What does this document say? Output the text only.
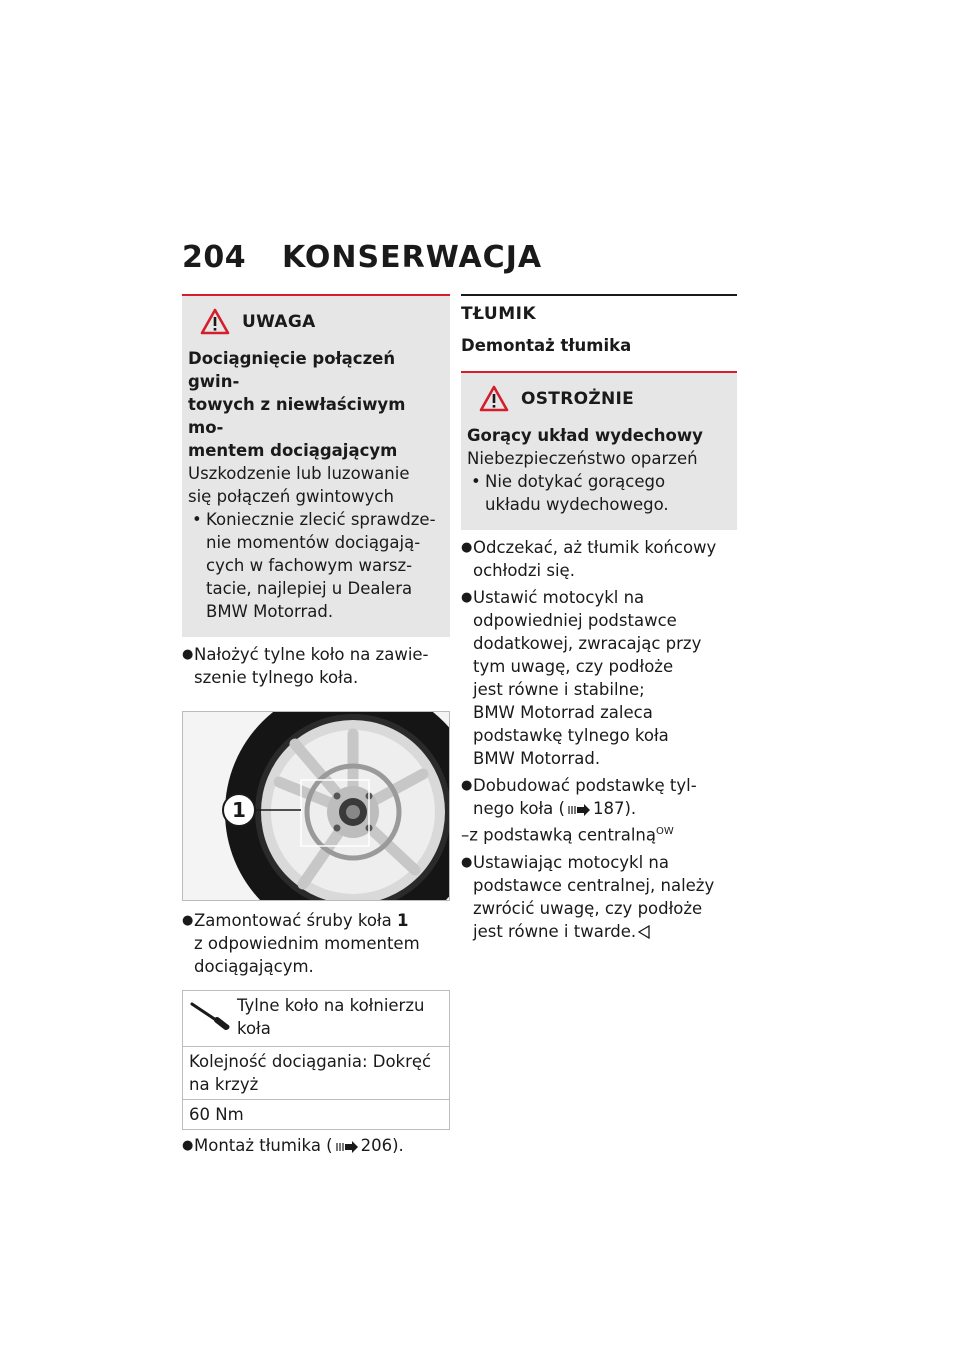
204 KONSERWACJA
UWAGA
Dociągnięcie połączeń gwin-
towych z niewłaściwym mo-
mentem dociągającym
Uszkodzenie lub luzowanie
się połączeń gwintowych
• Koniecznie zlecić sprawdze-
nie momentów dociągają-
cych w fachowym warsz-
tacie, najlepiej u Dealera
BMW Motorrad.
● Nałożyć tylne koło na zawie-
szenie tylnego koła.
1
● Zamontować śruby koła 1
z odpowiednim momentem
dociągającym.
Tylne koło na kołnierzu
koła
Kolejność dociągania: Dokręć
na krzyż
60 Nm
● Montaż tłumika ( 206).
TŁUMIK
Demontaż tłumika
OSTROŻNIE
Gorący układ wydechowy
Niebezpieczeństwo oparzeń
• Nie dotykać gorącego
układu wydechowego.
● Odczekać, aż tłumik końcowy
ochłodzi się.
● Ustawić motocykl na
odpowiedniej podstawce
dodatkowej, zwracając przy
tym uwagę, czy podłoże
jest równe i stabilne;
BMW Motorrad zaleca
podstawkę tylnego koła
BMW Motorrad.
● Dobudować podstawkę tyl-
nego koła ( 187).
–z podstawką centralną$^{OW}$
● Ustawiając motocykl na
podstawce centralnej, należy
zwrócić uwagę, czy podłoże
jest równe i twarde.
